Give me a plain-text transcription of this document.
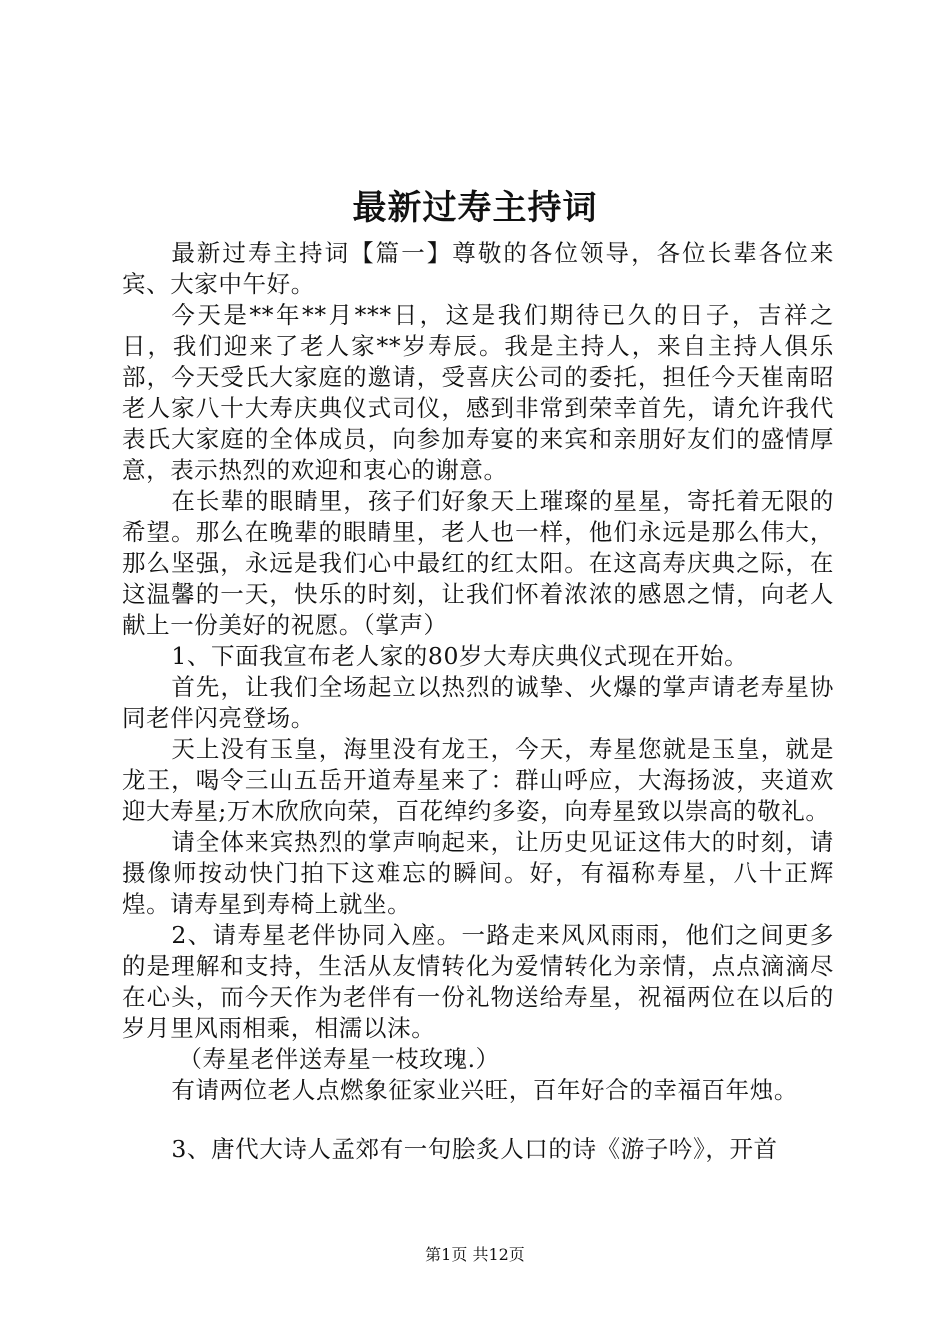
最新过寿主持词

最新过寿主持词【篇一】尊敬的各位领导，各位长辈各位来宾、大家中午好。

今天是**年**月***日，这是我们期待已久的日子，吉祥之日，我们迎来了老人家**岁寿辰。我是主持人，来自主持人俱乐部，今天受氏大家庭的邀请，受喜庆公司的委托，担任今天崔南昭老人家八十大寿庆典仪式司仪，感到非常到荣幸首先，请允许我代表氏大家庭的全体成员，向参加寿宴的来宾和亲朋好友们的盛情厚意，表示热烈的欢迎和衷心的谢意。

在长辈的眼睛里，孩子们好象天上璀璨的星星，寄托着无限的希望。那么在晚辈的眼睛里，老人也一样，他们永远是那么伟大，那么坚强，永远是我们心中最红的红太阳。在这高寿庆典之际，在这温馨的一天，快乐的时刻，让我们怀着浓浓的感恩之情，向老人献上一份美好的祝愿。（掌声）

1、下面我宣布老人家的80岁大寿庆典仪式现在开始。

首先，让我们全场起立以热烈的诚挚、火爆的掌声请老寿星协同老伴闪亮登场。

天上没有玉皇，海里没有龙王，今天，寿星您就是玉皇，就是龙王，喝令三山五岳开道寿星来了：群山呼应，大海扬波，夹道欢迎大寿星;万木欣欣向荣，百花绰约多姿，向寿星致以崇高的敬礼。

请全体来宾热烈的掌声响起来，让历史见证这伟大的时刻，请摄像师按动快门拍下这难忘的瞬间。好，有福称寿星，八十正辉煌。请寿星到寿椅上就坐。

2、请寿星老伴协同入座。一路走来风风雨雨，他们之间更多的是理解和支持，生活从友情转化为爱情转化为亲情，点点滴滴尽在心头，而今天作为老伴有一份礼物送给寿星，祝福两位在以后的岁月里风雨相乘，相濡以沫。

（寿星老伴送寿星一枝玫瑰.）

有请两位老人点燃象征家业兴旺，百年好合的幸福百年烛。

3、唐代大诗人孟郊有一句脍炙人口的诗《游子吟》，开首

第1页 共12页
